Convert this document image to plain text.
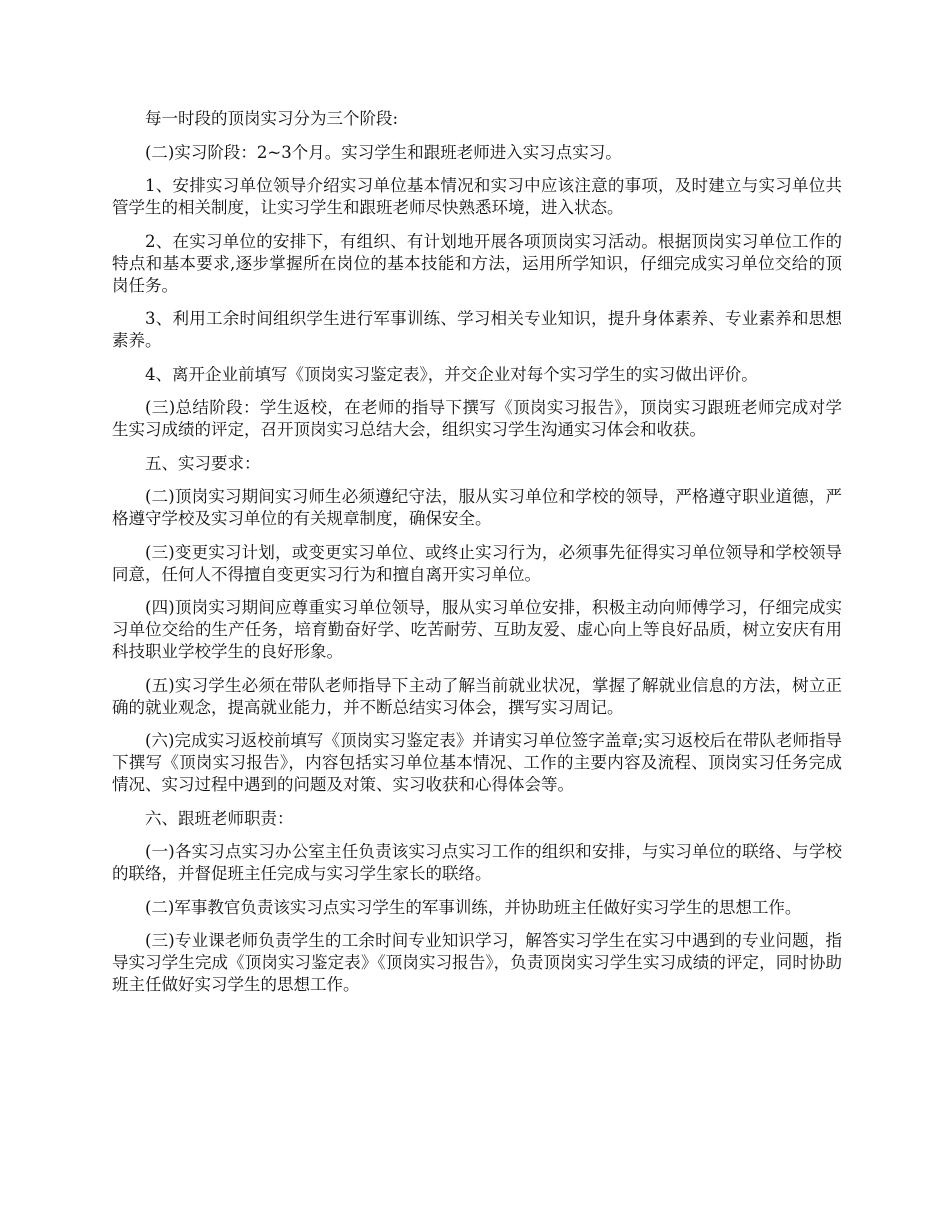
每一时段的顶岗实习分为三个阶段:

(二)实习阶段：2~3个月。实习学生和跟班老师进入实习点实习。

1、安排实习单位领导介绍实习单位基本情况和实习中应该注意的事项，及时建立与实习单位共管学生的相关制度，让实习学生和跟班老师尽快熟悉环境，进入状态。

2、在实习单位的安排下，有组织、有计划地开展各项顶岗实习活动。根据顶岗实习单位工作的特点和基本要求,逐步掌握所在岗位的基本技能和方法，运用所学知识，仔细完成实习单位交给的顶岗任务。

3、利用工余时间组织学生进行军事训练、学习相关专业知识，提升身体素养、专业素养和思想素养。

4、离开企业前填写《顶岗实习鉴定表》，并交企业对每个实习学生的实习做出评价。

(三)总结阶段：学生返校，在老师的指导下撰写《顶岗实习报告》，顶岗实习跟班老师完成对学生实习成绩的评定，召开顶岗实习总结大会，组织实习学生沟通实习体会和收获。

五、实习要求：

(二)顶岗实习期间实习师生必须遵纪守法，服从实习单位和学校的领导，严格遵守职业道德，严格遵守学校及实习单位的有关规章制度，确保安全。

(三)变更实习计划，或变更实习单位、或终止实习行为，必须事先征得实习单位领导和学校领导同意，任何人不得擅自变更实习行为和擅自离开实习单位。

(四)顶岗实习期间应尊重实习单位领导，服从实习单位安排，积极主动向师傅学习，仔细完成实习单位交给的生产任务，培育勤奋好学、吃苦耐劳、互助友爱、虚心向上等良好品质，树立安庆有用科技职业学校学生的良好形象。

(五)实习学生必须在带队老师指导下主动了解当前就业状况，掌握了解就业信息的方法，树立正确的就业观念，提高就业能力，并不断总结实习体会，撰写实习周记。

(六)完成实习返校前填写《顶岗实习鉴定表》并请实习单位签字盖章;实习返校后在带队老师指导下撰写《顶岗实习报告》，内容包括实习单位基本情况、工作的主要内容及流程、顶岗实习任务完成情况、实习过程中遇到的问题及对策、实习收获和心得体会等。

六、跟班老师职责：

(一)各实习点实习办公室主任负责该实习点实习工作的组织和安排，与实习单位的联络、与学校的联络，并督促班主任完成与实习学生家长的联络。

(二)军事教官负责该实习点实习学生的军事训练，并协助班主任做好实习学生的思想工作。

(三)专业课老师负责学生的工余时间专业知识学习，解答实习学生在实习中遇到的专业问题，指导实习学生完成《顶岗实习鉴定表》《顶岗实习报告》，负责顶岗实习学生实习成绩的评定，同时协助班主任做好实习学生的思想工作。
